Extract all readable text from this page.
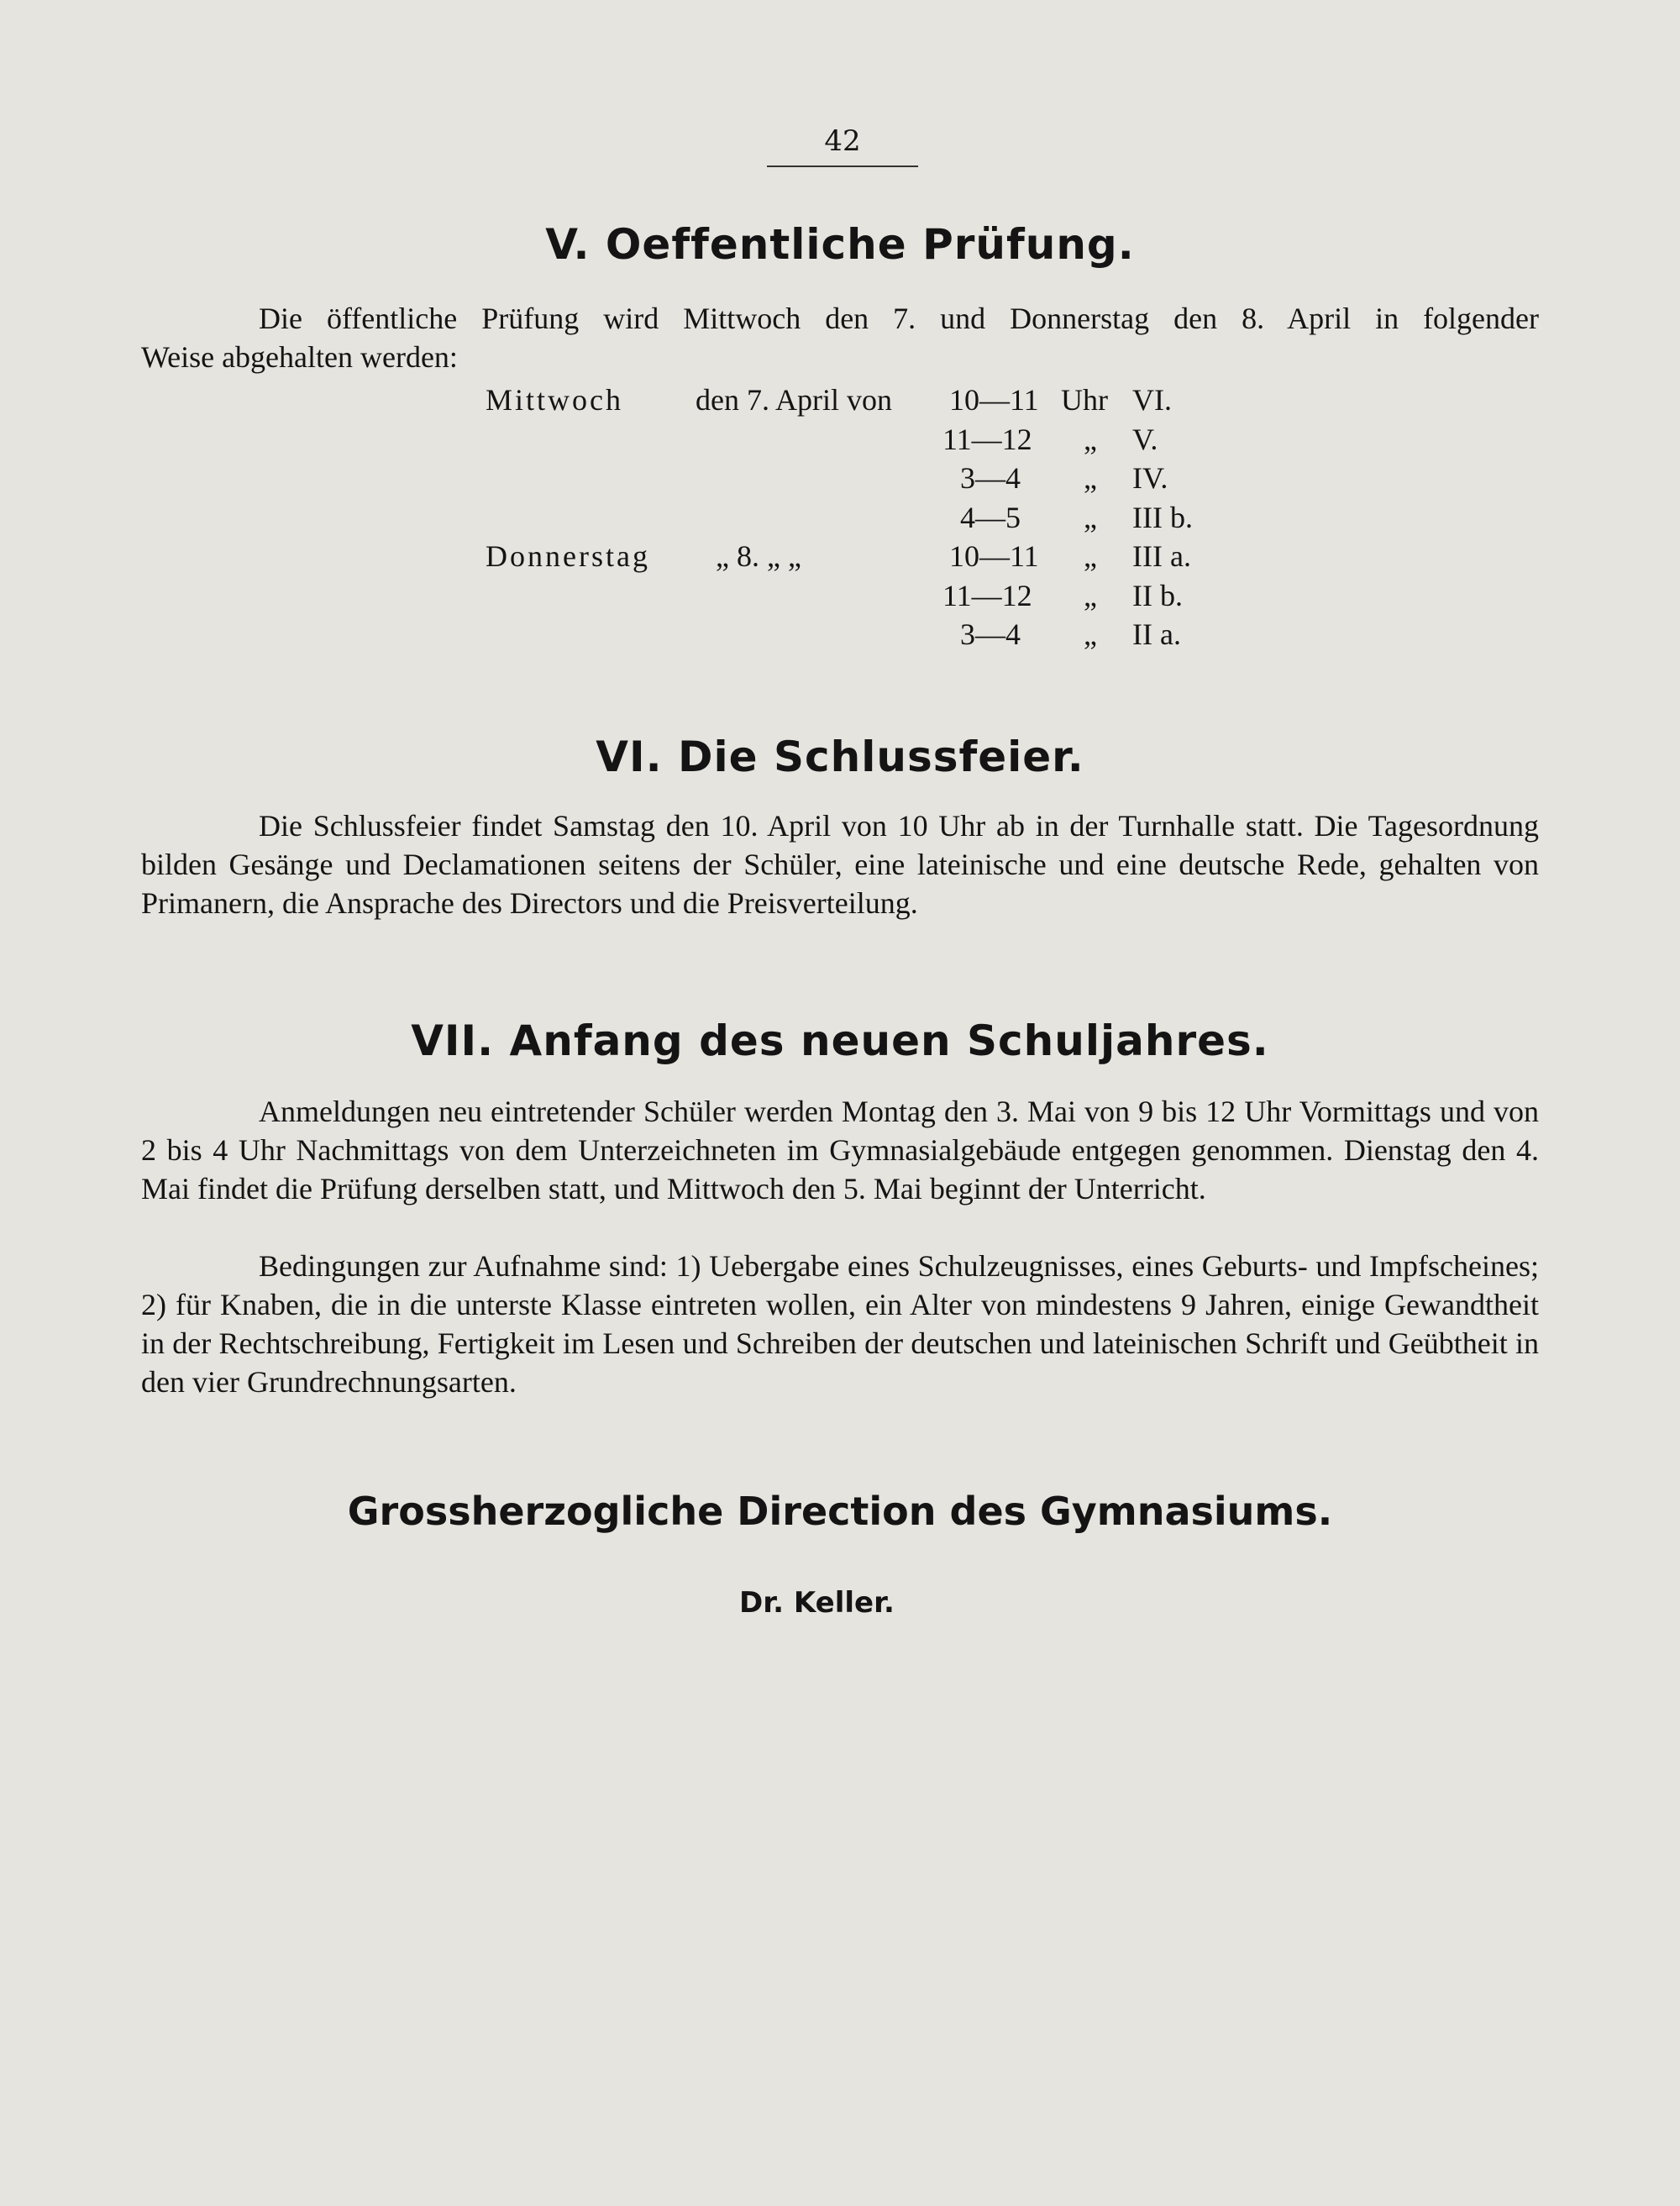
42
V. Oeffentliche Prüfung.
Die öffentliche Prüfung wird Mittwoch den 7. und Donnerstag den 8. April in folgender
Weise abgehalten werden:
Mittwoch den 7. April von	Uhr
Donnerstag „ 8. „ „
10—11
11—12
3—4
4—5
10—11
11—12
3—4
„
„
„
„
„
„
VI.
V.
IV.
III b.
III a.
II b.
II a.
VI. Die Schlussfeier.
Die Schlussfeier findet Samstag den 10. April von 10 Uhr ab in der Turnhalle statt. Die Tagesordnung bilden Gesänge und Declamationen seitens der Schüler, eine lateinische und eine deutsche Rede, gehalten von Primanern, die Ansprache des Directors und die Preisverteilung.
VII. Anfang des neuen Schuljahres.
Anmeldungen neu eintretender Schüler werden Montag den 3. Mai von 9 bis 12 Uhr Vormittags und von 2 bis 4 Uhr Nachmittags von dem Unterzeichneten im Gymnasialgebäude entgegen genommen. Dienstag den 4. Mai findet die Prüfung derselben statt, und Mittwoch den 5. Mai beginnt der Unterricht.
Bedingungen zur Aufnahme sind: 1) Uebergabe eines Schulzeugnisses, eines Geburts- und Impfscheines; 2) für Knaben, die in die unterste Klasse eintreten wollen, ein Alter von mindestens 9 Jahren, einige Gewandtheit in der Rechtschreibung, Fertigkeit im Lesen und Schreiben der deutschen und lateinischen Schrift und Geübtheit in den vier Grundrechnungsarten.
Grossherzogliche Direction des Gymnasiums.
Dr. Keller.
